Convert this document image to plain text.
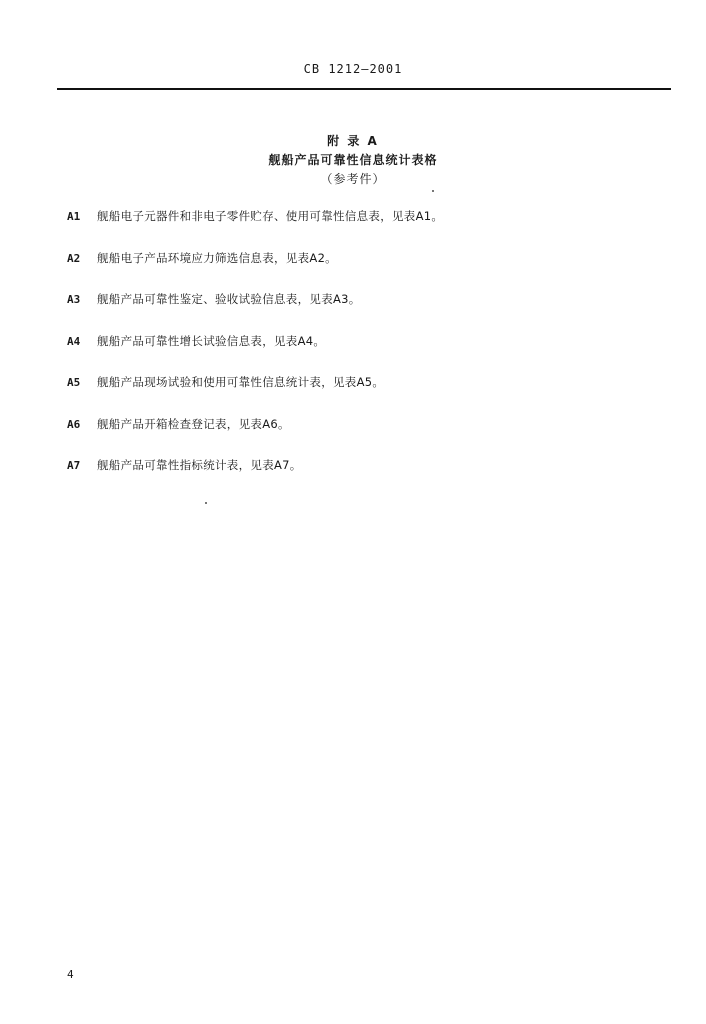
CB 1212—2001
附 录 A
舰船产品可靠性信息统计表格
（参考件）
A1 舰船电子元器件和非电子零件贮存、使用可靠性信息表，见表A1。
A2 舰船电子产品环境应力筛选信息表，见表A2。
A3 舰船产品可靠性鉴定、验收试验信息表，见表A3。
A4 舰船产品可靠性增长试验信息表，见表A4。
A5 舰船产品现场试验和使用可靠性信息统计表，见表A5。
A6 舰船产品开箱检查登记表，见表A6。
A7 舰船产品可靠性指标统计表，见表A7。
4
